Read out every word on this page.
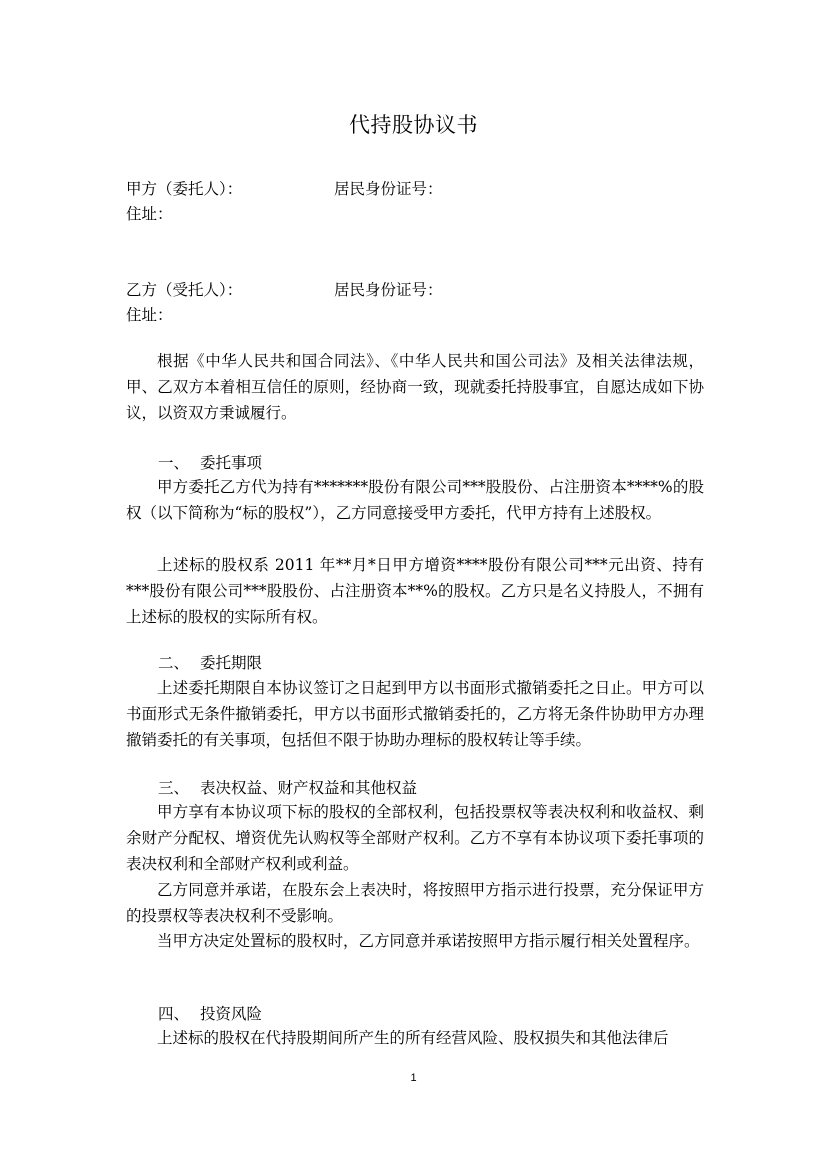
代持股协议书
甲方（委托人）：	居民身份证号：
住址：
乙方（受托人）：	居民身份证号：
住址：

根据《中华人民共和国合同法》、《中华人民共和国公司法》及相关法律法规，甲、乙双方本着相互信任的原则，经协商一致，现就委托持股事宜，自愿达成如下协议，以资双方秉诚履行。

一、 委托事项

甲方委托乙方代为持有*******股份有限公司***股股份、占注册资本****%的股权（以下简称为“标的股权”），乙方同意接受甲方委托，代甲方持有上述股权。

上述标的股权系 2011 年**月*日甲方增资****股份有限公司***元出资、持有***股份有限公司***股股份、占注册资本**%的股权。乙方只是名义持股人，不拥有上述标的股权的实际所有权。

二、 委托期限

上述委托期限自本协议签订之日起到甲方以书面形式撤销委托之日止。甲方可以书面形式无条件撤销委托，甲方以书面形式撤销委托的，乙方将无条件协助甲方办理撤销委托的有关事项，包括但不限于协助办理标的股权转让等手续。

三、 表决权益、财产权益和其他权益

甲方享有本协议项下标的股权的全部权利，包括投票权等表决权利和收益权、剩余财产分配权、增资优先认购权等全部财产权利。乙方不享有本协议项下委托事项的表决权利和全部财产权利或利益。

乙方同意并承诺，在股东会上表决时，将按照甲方指示进行投票，充分保证甲方的投票权等表决权利不受影响。

当甲方决定处置标的股权时，乙方同意并承诺按照甲方指示履行相关处置程序。

四、 投资风险

上述标的股权在代持股期间所产生的所有经营风险、股权损失和其他法律后

1
